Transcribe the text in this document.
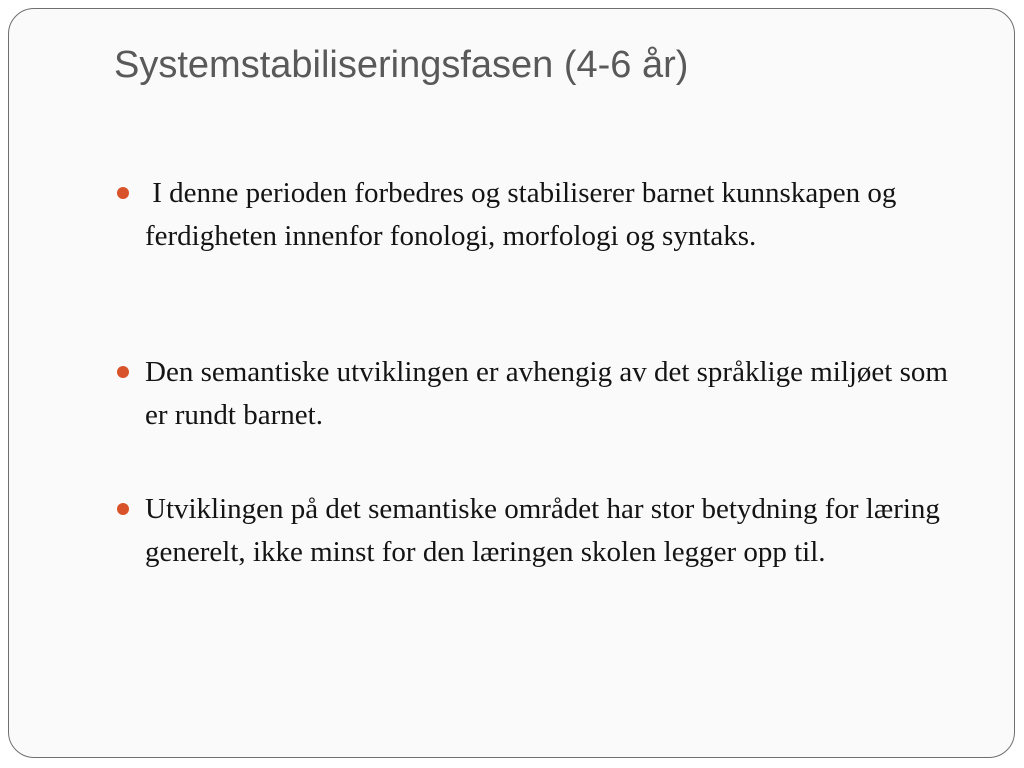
Systemstabiliseringsfasen (4-6 år)
I denne perioden forbedres og stabiliserer barnet kunnskapen og ferdigheten innenfor fonologi, morfologi og syntaks.
Den semantiske utviklingen er avhengig av det språklige miljøet som er rundt barnet.
Utviklingen på det semantiske området har stor betydning for læring generelt, ikke minst for den læringen skolen legger opp til.
